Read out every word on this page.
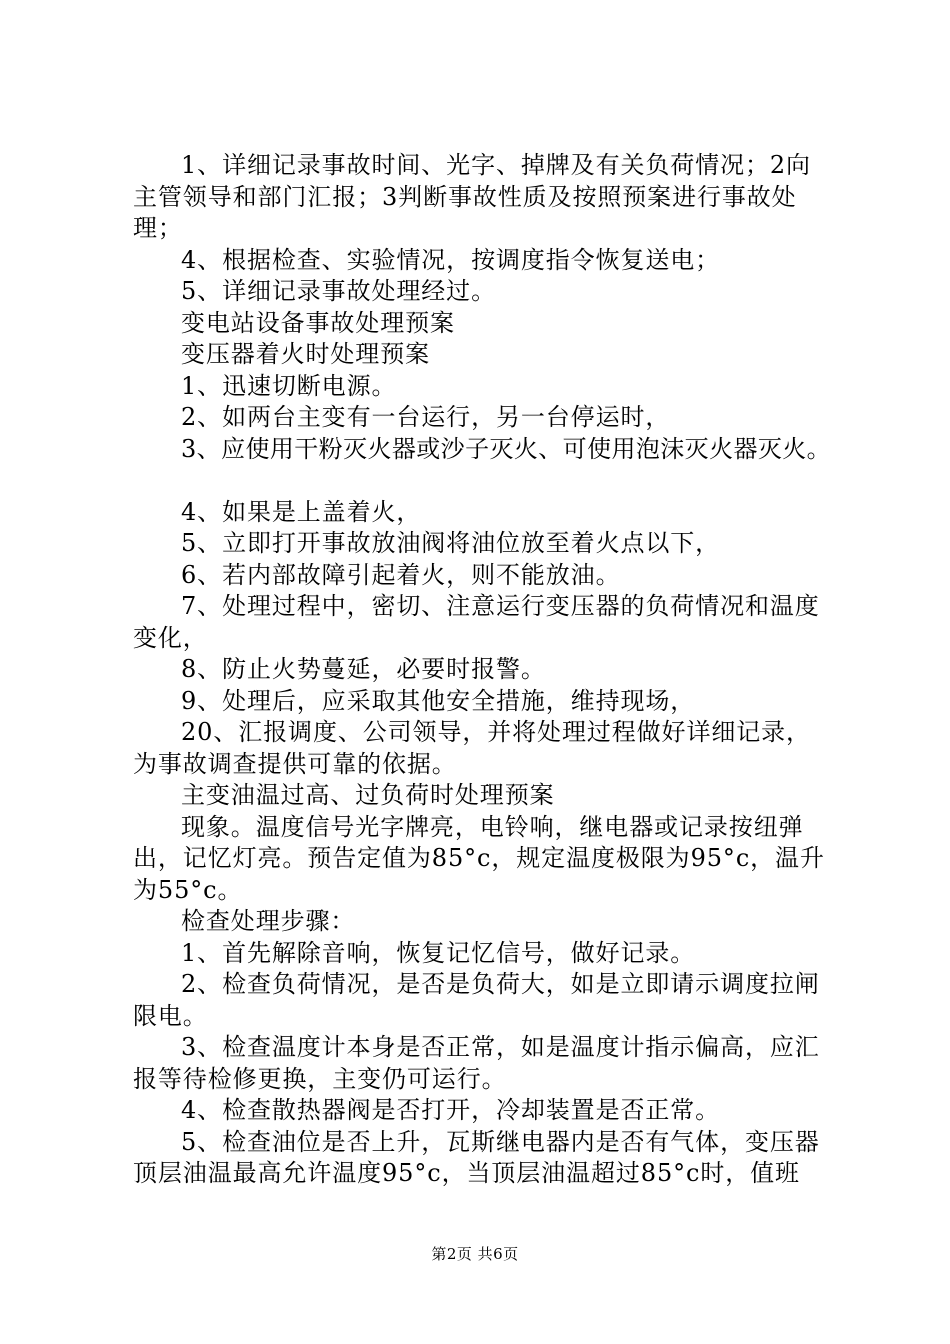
1、详细记录事故时间、光字、掉牌及有关负荷情况；2向主管领导和部门汇报；3判断事故性质及按照预案进行事故处理；

4、根据检查、实验情况，按调度指令恢复送电；

5、详细记录事故处理经过。

变电站设备事故处理预案

变压器着火时处理预案

1、迅速切断电源。

2、如两台主变有一台运行，另一台停运时，

3、应使用干粉灭火器或沙子灭火、可使用泡沫灭火器灭火。

4、如果是上盖着火，

5、立即打开事故放油阀将油位放至着火点以下，

6、若内部故障引起着火，则不能放油。

7、处理过程中，密切、注意运行变压器的负荷情况和温度变化，

8、防止火势蔓延，必要时报警。

9、处理后，应采取其他安全措施，维持现场，

20、汇报调度、公司领导，并将处理过程做好详细记录，为事故调查提供可靠的依据。

主变油温过高、过负荷时处理预案

现象。温度信号光字牌亮，电铃响，继电器或记录按纽弹出，记忆灯亮。预告定值为85°c，规定温度极限为95°c，温升为55°c。

检查处理步骤：

1、首先解除音响，恢复记忆信号，做好记录。

2、检查负荷情况，是否是负荷大，如是立即请示调度拉闸限电。

3、检查温度计本身是否正常，如是温度计指示偏高，应汇报等待检修更换，主变仍可运行。

4、检查散热器阀是否打开，冷却装置是否正常。

5、检查油位是否上升，瓦斯继电器内是否有气体，变压器顶层油温最高允许温度95°c，当顶层油温超过85°c时，值班

第2页 共6页
